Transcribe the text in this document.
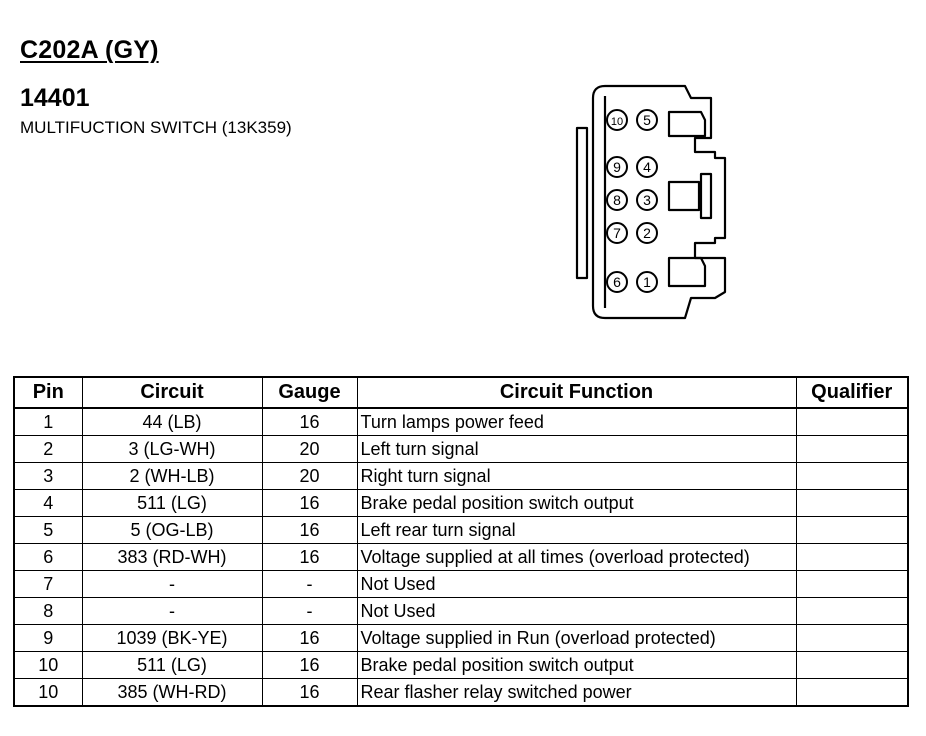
C202A (GY)
14401
MULTIFUCTION SWITCH (13K359)	10
9
8
7
6
5
4
3
2
1
Pin	Circuit	Gauge	Circuit Function	Qualifier
1	44 (LB)	16	Turn lamps power feed	
2	3 (LG-WH)	20	Left turn signal	
3	2 (WH-LB)	20	Right turn signal	
4	511 (LG)	16	Brake pedal position switch output	
5	5 (OG-LB)	16	Left rear turn signal	
6	383 (RD-WH)	16	Voltage supplied at all times (overload protected)	
7	-	-	Not Used	
8	-	-	Not Used	
9	1039 (BK-YE)	16	Voltage supplied in Run (overload protected)	
10	511 (LG)	16	Brake pedal position switch output	
10	385 (WH-RD)	16	Rear flasher relay switched power	
